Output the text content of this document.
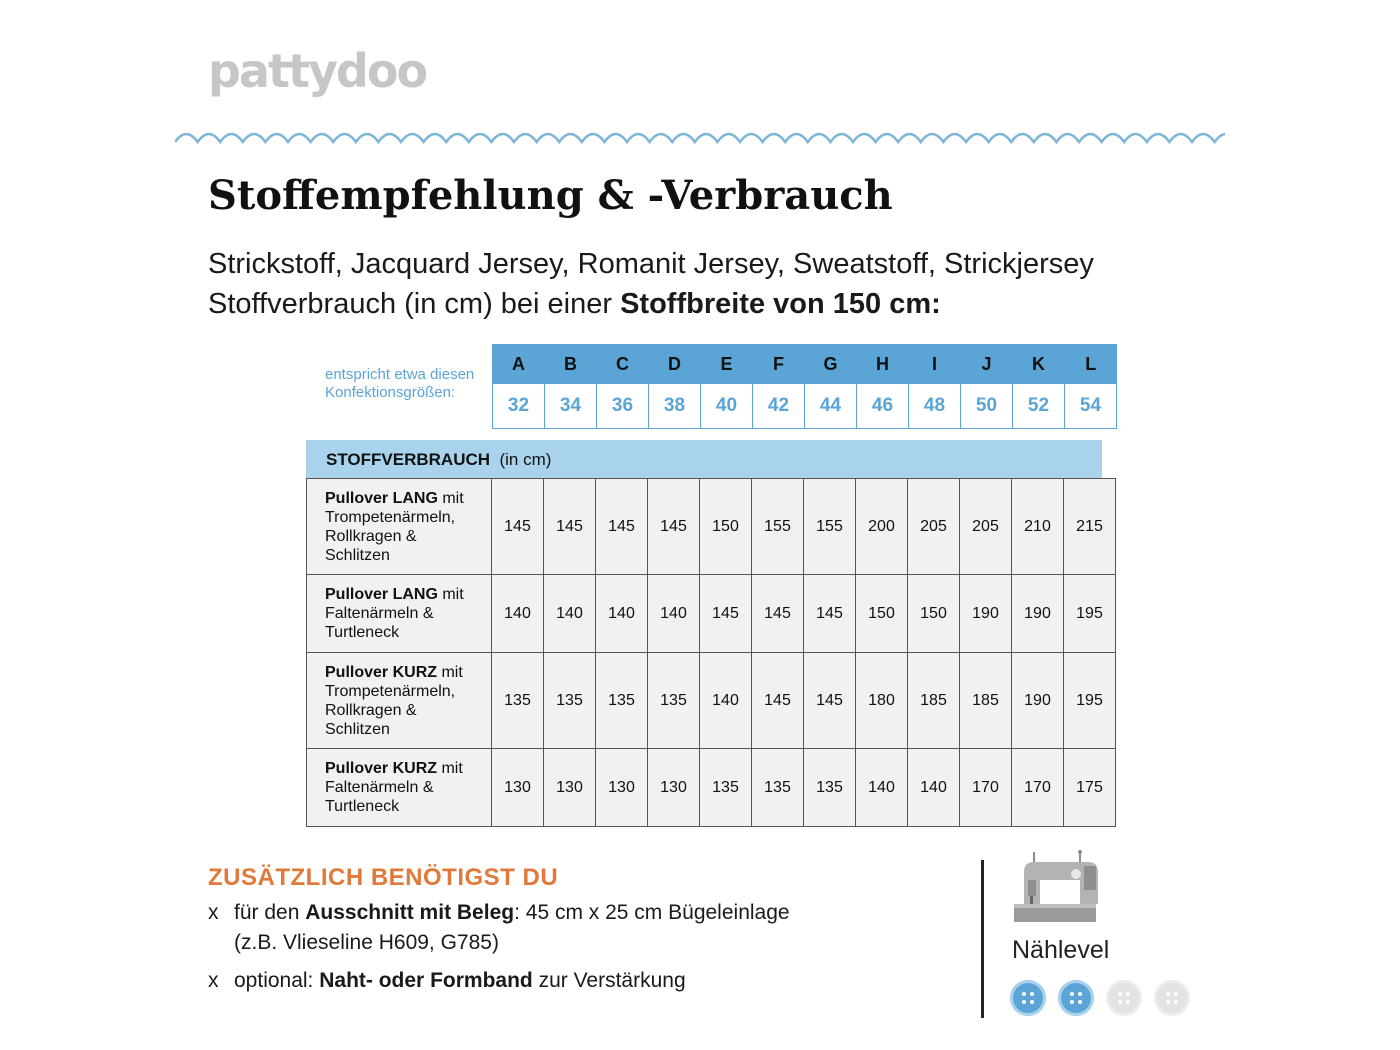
pattydoo
Stoffempfehlung & -Verbrauch
Strickstoff, Jacquard Jersey, Romanit Jersey, Sweatstoff, Strickjersey
Stoffverbrauch (in cm) bei einer Stoffbreite von 150 cm:
entspricht etwa diesen Konfektionsgrößen:
A	B	C	D	E	F	G	H	I	J	K	L
32	34	36	38	40	42	44	46	48	50	52	54
STOFFVERBRAUCH (in cm)
Pullover LANG mit Trompetenärmeln, Rollkragen & Schlitzen	145	145	145	145	150	155	155	200	205	205	210	215
Pullover LANG mit Faltenärmeln & Turtleneck	140	140	140	140	145	145	145	150	150	190	190	195
Pullover KURZ mit Trompetenärmeln, Rollkragen & Schlitzen	135	135	135	135	140	145	145	180	185	185	190	195
Pullover KURZ mit Faltenärmeln & Turtleneck	130	130	130	130	135	135	135	140	140	170	170	175
ZUSÄTZLICH BENÖTIGST DU
x für den Ausschnitt mit Beleg: 45 cm x 25 cm Bügeleinlage
(z.B. Vlieseline H609, G785)
x optional: Naht- oder Formband zur Verstärkung
Nählevel
